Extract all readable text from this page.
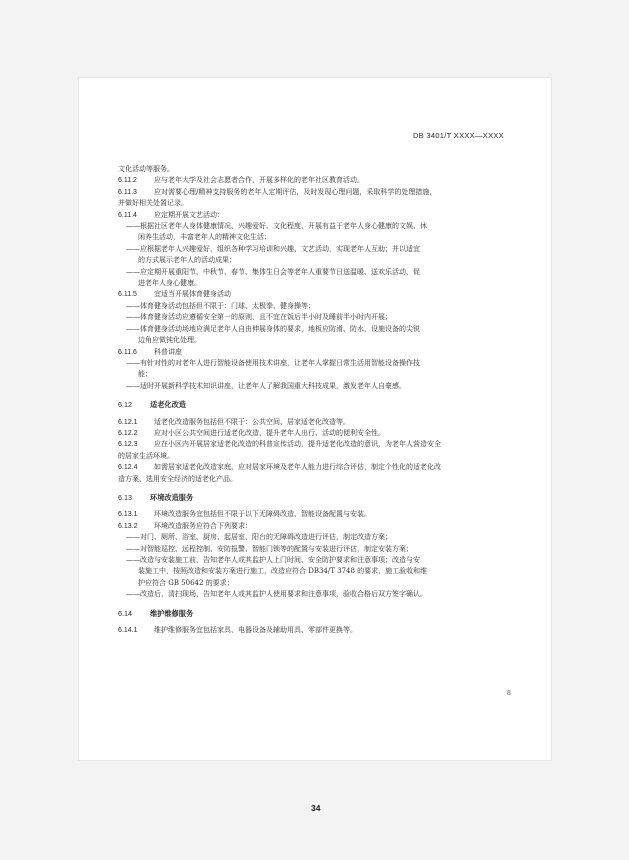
DB 3401/T XXXX—XXXX
文化活动等服务。
6.11.2 应与老年大学及社会志愿者合作，开展多样化的老年社区教育活动。
6.11.3 应对需要心理/精神支持服务的老年人定期评估，及时发现心理问题，采取科学的处理措施，
并做好相关处置记录。
6.11.4 应定期开展文艺活动：
——根据社区老年人身体健康情况、兴趣爱好、文化程度，开展有益于老年人身心健康的文娱、休
闲养生活动，丰富老年人的精神文化生活；
——应根据老年人兴趣爱好，组织各种学习培训和兴趣、文艺活动，实现老年人互助；并以适宜
的方式展示老年人的活动成果；
——应定期开展重阳节、中秋节、春节、集体生日会等老年人重要节日送温暖、送欢乐活动，促
进老年人身心健康。
6.11.5 宜适当开展体育健身活动
——体育健身活动包括但不限于：门球、太极拳、健身操等；
——体育健身活动应遵循安全第一的原则，且不宜在饭后半小时及睡前半小时内开展；
——体育健身活动场地应满足老年人自由伸展身体的要求，地板应防滑、防水，设施设备的尖锐
边角应做钝化处理。
6.11.6 科普讲座
——有针对性的对老年人进行智能设备使用技术讲座，让老年人掌握日常生活用智能设备操作技
能；
——适时开展新科学技术知识讲座，让老年人了解我国重大科技成果，激发老年人自豪感。
6.12	适老化改造
6.12.1 适老化改造服务包括但不限于：公共空间、居家适老化改造等。
6.12.2 应对小区公共空间进行适老化改造，提升老年人出行、活动的便利安全性。
6.12.3 应在小区内开展居家适老化改造的科普宣传活动，提升适老化改造的意识，为老年人营造安全
的居家生活环境。
6.12.4 如需居家适老化改造家庭，应对居家环境及老年人能力进行综合评估，制定个性化的适老化改
造方案，选用安全经济的适老化产品。
6.13	环境改造服务
6.13.1 环境改造服务宜包括但不限于以下无障碍改造、智能设备配置与安装。
6.13.2 环境改造服务应符合下列要求：
——对门、厕所、浴室、厨房、起居室、阳台的无障碍改造进行评估，制定改造方案；
——对智能巡控、远程控制、安防报警、智能门锁等的配置与安装进行评估，制定安装方案；
——改造与安装施工前，告知老年人或其监护人上门时间、安全防护要求和注意事项；改造与安
装施工中，按照改造和安装方案进行施工，改造应符合 DB34/T 3748 的要求，施工验收和维
护应符合 GB 50642 的要求；
——改造后，清扫现场，告知老年人或其监护人使用要求和注意事项，验收合格后双方签字确认。
6.14	维护维修服务
6.14.1 维护维修服务宜包括家具、电器设备及辅助用具、零部件更换等。
8
34
